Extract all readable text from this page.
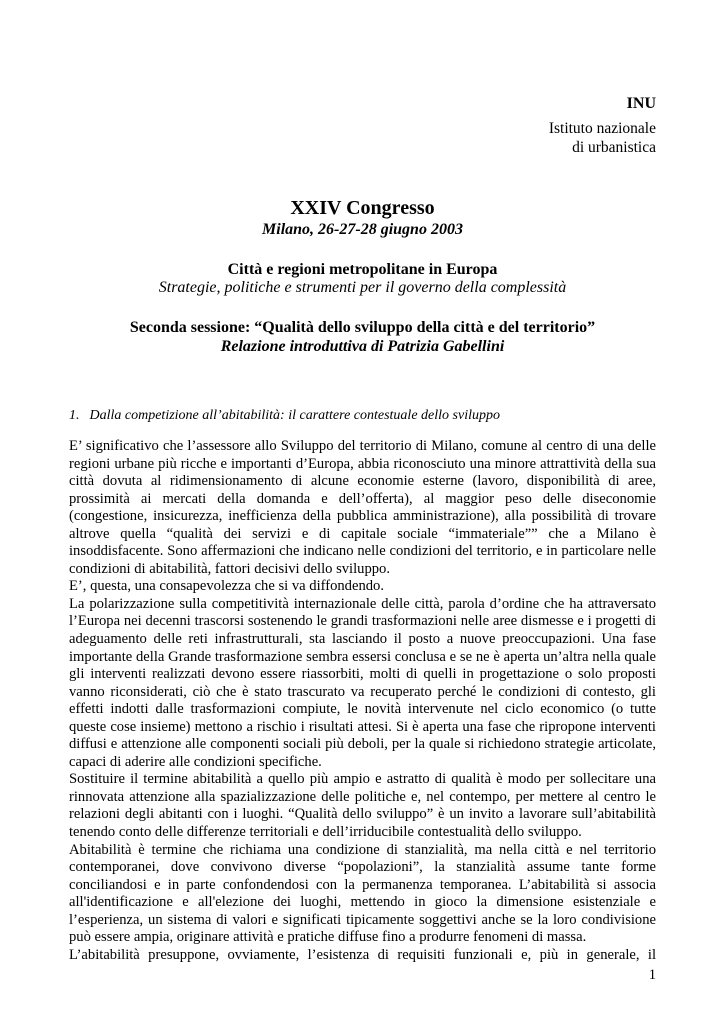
INU
Istituto nazionale
di urbanistica
XXIV Congresso
Milano, 26-27-28 giugno 2003
Città e regioni metropolitane in Europa
Strategie, politiche e strumenti per il governo della complessità
Seconda sessione: “Qualità dello sviluppo della città e del territorio”
Relazione introduttiva di Patrizia Gabellini
1. Dalla competizione all’abitabilità: il carattere contestuale dello sviluppo

E’ significativo che l’assessore allo Sviluppo del territorio di Milano, comune al centro di una delle regioni urbane più ricche e importanti d’Europa, abbia riconosciuto una minore attrattività della sua città dovuta al ridimensionamento di alcune economie esterne (lavoro, disponibilità di aree, prossimità ai mercati della domanda e dell’offerta), al maggior peso delle diseconomie (congestione, insicurezza, inefficienza della pubblica amministrazione), alla possibilità di trovare altrove quella “qualità dei servizi e di capitale sociale “immateriale”” che a Milano è insoddisfacente. Sono affermazioni che indicano nelle condizioni del territorio, e in particolare nelle condizioni di abitabilità, fattori decisivi dello sviluppo.

E’, questa, una consapevolezza che si va diffondendo.

La polarizzazione sulla competitività internazionale delle città, parola d’ordine che ha attraversato l’Europa nei decenni trascorsi sostenendo le grandi trasformazioni nelle aree dismesse e i progetti di adeguamento delle reti infrastrutturali, sta lasciando il posto a nuove preoccupazioni. Una fase importante della Grande trasformazione sembra essersi conclusa e se ne è aperta un’altra nella quale gli interventi realizzati devono essere riassorbiti, molti di quelli in progettazione o solo proposti vanno riconsiderati, ciò che è stato trascurato va recuperato perché le condizioni di contesto, gli effetti indotti dalle trasformazioni compiute, le novità intervenute nel ciclo economico (o tutte queste cose insieme) mettono a rischio i risultati attesi. Si è aperta una fase che ripropone interventi diffusi e attenzione alle componenti sociali più deboli, per la quale si richiedono strategie articolate, capaci di aderire alle condizioni specifiche.

Sostituire il termine abitabilità a quello più ampio e astratto di qualità è modo per sollecitare una rinnovata attenzione alla spazializzazione delle politiche e, nel contempo, per mettere al centro le relazioni degli abitanti con i luoghi. “Qualità dello sviluppo” è un invito a lavorare sull’abitabilità tenendo conto delle differenze territoriali e dell’irriducibile contestualità dello sviluppo.

Abitabilità è termine che richiama una condizione di stanzialità, ma nella città e nel territorio contemporanei, dove convivono diverse “popolazioni”, la stanzialità assume tante forme conciliandosi e in parte confondendosi con la permanenza temporanea. L’abitabilità si associa all'identificazione e all'elezione dei luoghi, mettendo in gioco la dimensione esistenziale e l’esperienza, un sistema di valori e significati tipicamente soggettivi anche se la loro condivisione può essere ampia, originare attività e pratiche diffuse fino a produrre fenomeni di massa.

L’abitabilità presuppone, ovviamente, l’esistenza di requisiti funzionali e, più in generale, il

1
